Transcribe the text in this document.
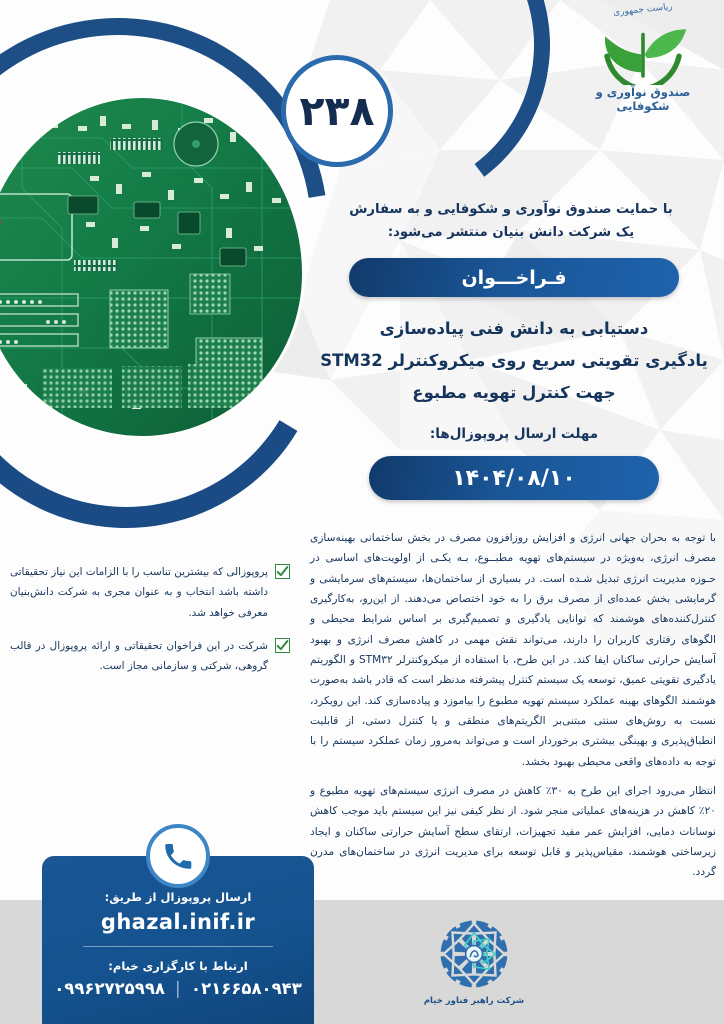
۲۳۸
ریاست جمهوری
صندوق نوآوری و شکوفایی
با حمایت صندوق نوآوری و شکوفایی و به سفارش
یک شرکت دانش بنیان منتشر می‌شود:
فـراخـــوان
دستیابی به دانش فنی پیاده‌سازی
یادگیری تقویتی سریع روی میکروکنترلر STM32
جهت کنترل تهویه مطبوع
مهلت ارسال پروپوزال‌ها:
۱۴۰۴/۰۸/۱۰

با توجه به بحران جهانی انرژی و افزایش روزافزون مصرف در بخش ساختمانی بهینه‌سازی مصرف انرژی، به‌ویژه در سیستم‌های تهویه مطبــوع، بـه یکـی از اولویت‌های اساسی در حـوزه مدیریت انرژی تبدیل شـده است. در بسیاری از ساختمان‌ها، سیستم‌های سرمایشی و گرمایشی بخش عمده‌ای از مصرف برق را به خود اختصاص می‌دهند. از این‌رو، به‌کارگیری کنترل‌کننده‌های هوشمند که توانایی یادگیری و تصمیم‌گیری بر اساس شرایط محیطی و الگوهای رفتاری کاربران را دارند، می‌تواند نقش مهمی در کاهش مصرف انرژی و بهبود آسایش حرارتی ساکنان ایفا کند. در این طرح، با استفاده از میکروکنترلر STM۳۲ و الگوریتم یادگیری تقویتی عمیق، توسعه یک سیستم کنترل پیشرفته مدنظر است که قادر باشد به‌صورت هوشمند الگوهای بهینه عملکرد سیستم تهویه مطبوع را بیاموزد و پیاده‌سازی کند. این رویکرد، نسبت به روش‌های سنتی مبتنی‌بر الگریتم‌های منطقی و یا کنترل دستی، از قابلیت انطباق‌پذیری و بهینگی بیشتری برخوردار است و می‌تواند به‌مرور زمان عملکرد سیستم را با توجه به داده‌های واقعی محیطی بهبود بخشد.

انتظار می‌رود اجرای این طرح به ۳۰٪ کاهش در مصرف انرژی سیستم‌های تهویه مطبوع و ۲۰٪ کاهش در هزینه‌های عملیاتی منجر شود. از نظر کیفی نیز این سیستم باید موجب کاهش نوسانات دمایی، افزایش عمر مفید تجهیزات، ارتقای سطح آسایش حرارتی ساکنان و ایجاد زیرساختی هوشمند، مقیاس‌پذیر و قابل توسعه برای مدیریت انرژی در ساختمان‌های مدرن گردد.

پروپوزالی که بیشترین تناسب را با الزامات این نیاز تحقیقاتی داشته باشد انتخاب و به عنوان مجری به شرکت دانش‌بنیان معرفی خواهد شد.
شرکت در این فراخوان تحقیقاتی و ارائه پروپوزال در قالب گروهی، شرکتی و سازمانی مجاز است.
ارسال پروپوزال از طریق:
ghazal.inif.ir
ارتباط با کارگزاری خیام:
۰۲۱۶۶۵۸۰۹۴۳
|
۰۹۹۶۲۷۲۵۹۹۸
شرکت راهبر فناور خیام
